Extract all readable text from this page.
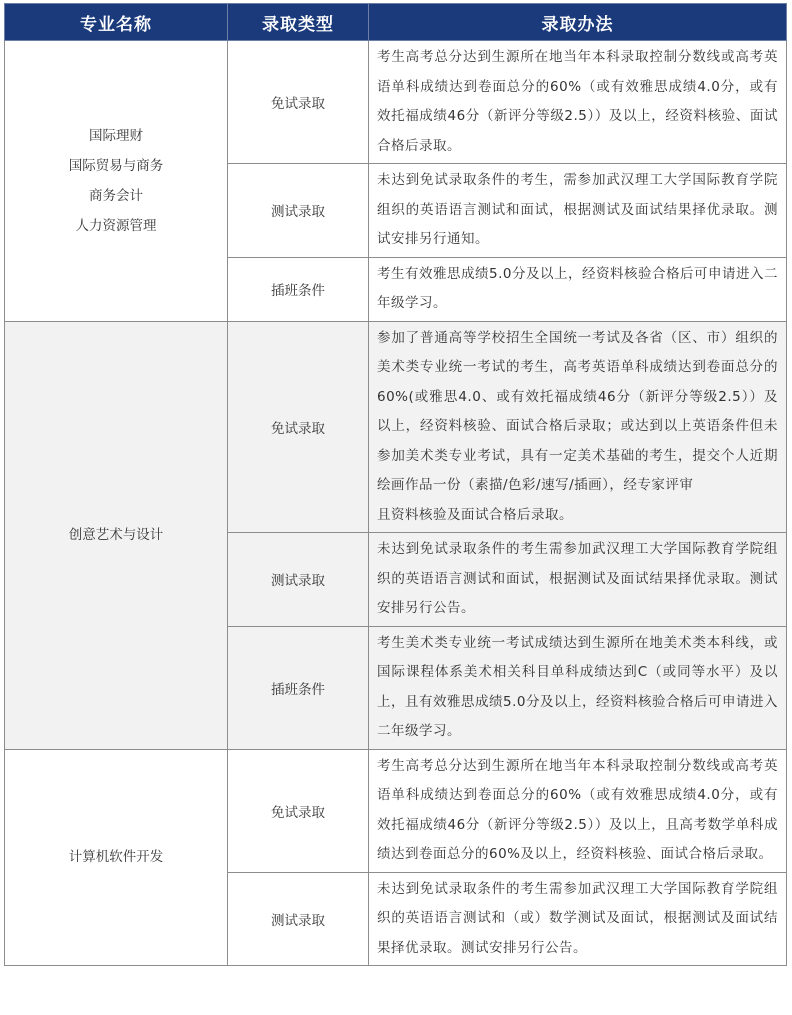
专业名称	录取类型	录取办法

国际理财
国际贸易与商务
商务会计
人力资源管理	免试录取	考生高考总分达到生源所在地当年本科录取控制分数线或高考英语单科成绩达到卷面总分的60%（或有效雅思成绩4.0分，或有效托福成绩46分（新评分等级2.5））及以上，经资料核验、面试合格后录取。
	测试录取	未达到免试录取条件的考生，需参加武汉理工大学国际教育学院组织的英语语言测试和面试，根据测试及面试结果择优录取。测试安排另行通知。
	插班条件	考生有效雅思成绩5.0分及以上，经资料核验合格后可申请进入二年级学习。

创意艺术与设计	免试录取	参加了普通高等学校招生全国统一考试及各省（区、市）组织的美术类专业统一考试的考生，高考英语单科成绩达到卷面总分的60%(或雅思4.0、或有效托福成绩46分（新评分等级2.5））及以上，经资料核验、面试合格后录取；或达到以上英语条件但未参加美术类专业考试，具有一定美术基础的考生，提交个人近期绘画作品一份（素描/色彩/速写/插画），经专家评审
且资料核验及面试合格后录取。

	测试录取	未达到免试录取条件的考生需参加武汉理工大学国际教育学院组织的英语语言测试和面试，根据测试及面试结果择优录取。测试安排另行公告。
	插班条件	考生美术类专业统一考试成绩达到生源所在地美术类本科线，或国际课程体系美术相关科目单科成绩达到C（或同等水平）及以上，且有效雅思成绩5.0分及以上，经资料核验合格后可申请进入二年级学习。

计算机软件开发	免试录取	考生高考总分达到生源所在地当年本科录取控制分数线或高考英语单科成绩达到卷面总分的60%（或有效雅思成绩4.0分，或有效托福成绩46分（新评分等级2.5））及以上，且高考数学单科成绩达到卷面总分的60%及以上，经资料核验、面试合格后录取。
	测试录取	未达到免试录取条件的考生需参加武汉理工大学国际教育学院组织的英语语言测试和（或）数学测试及面试，根据测试及面试结果择优录取。测试安排另行公告。
